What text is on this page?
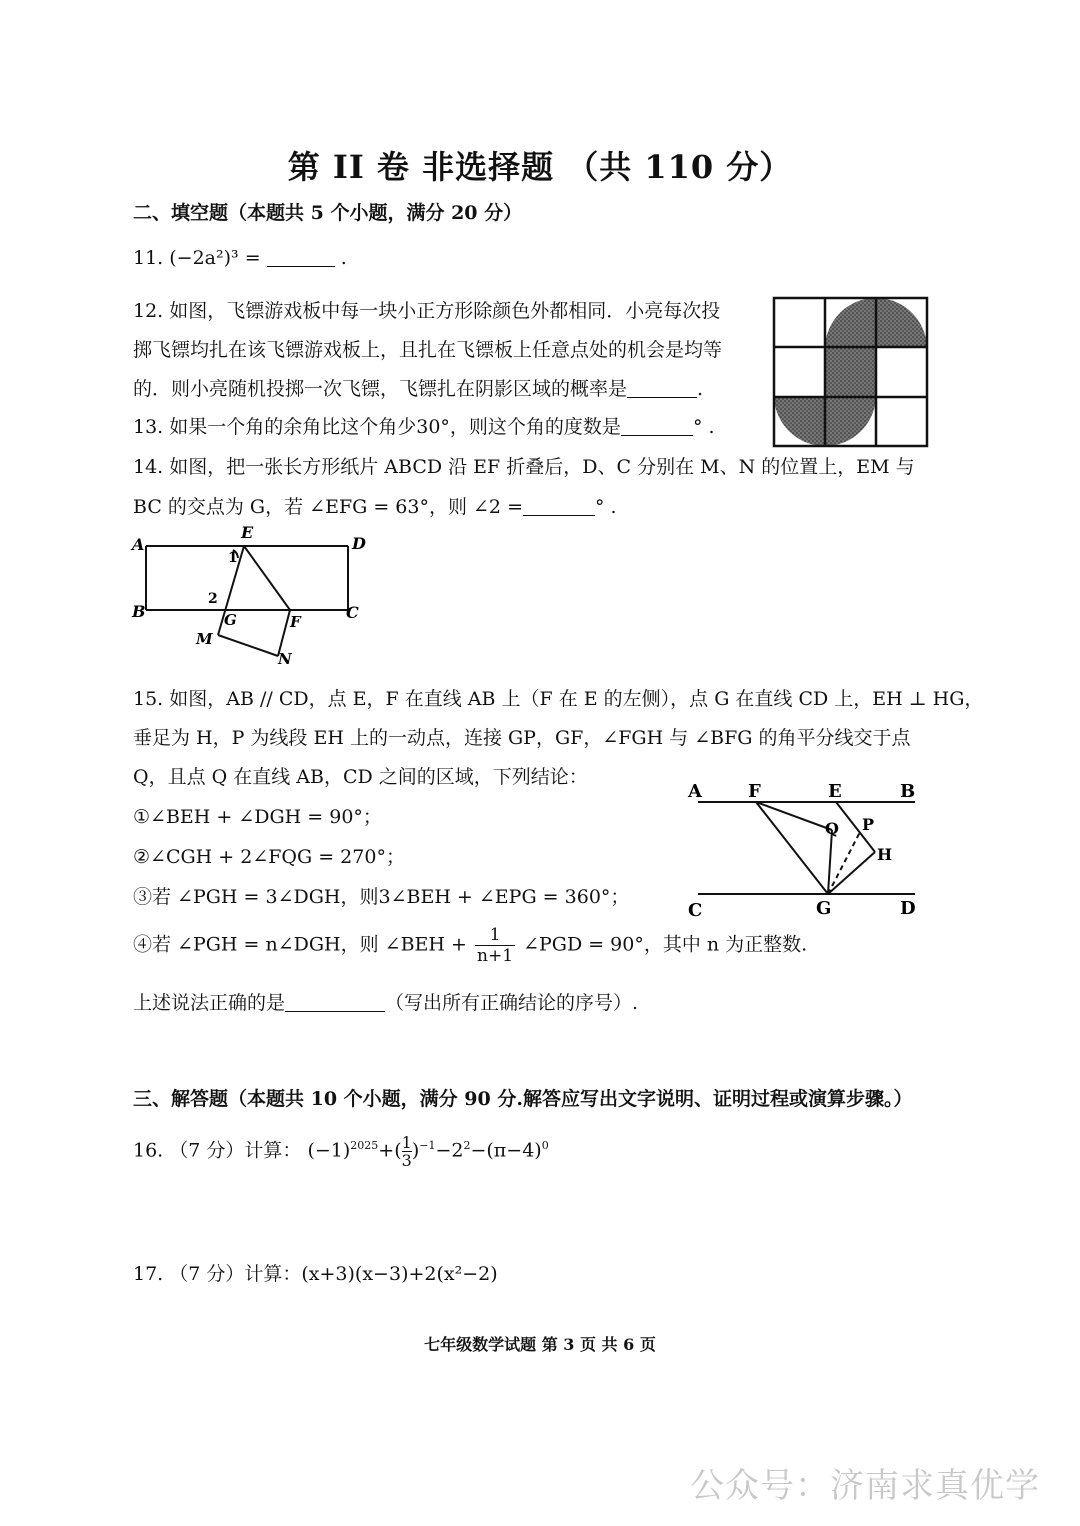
第 II 卷 非选择题 （共 110 分）
二、填空题（本题共 5 个小题，满分 20 分）
11. (−2a²)³ =	.
12. 如图，飞镖游戏板中每一块小正方形除颜色外都相同．小亮每次投
掷飞镖均扎在该飞镖游戏板上，且扎在飞镖板上任意点处的机会是均等
的．则小亮随机投掷一次飞镖，飞镖扎在阴影区域的概率是	.
13. 如果一个角的余角比这个角少30°，则这个角的度数是	° .
14. 如图，把一张长方形纸片 ABCD 沿 EF 折叠后，D、C 分别在 M、N 的位置上，EM 与
BC 的交点为 G，若 ∠EFG = 63°，则 ∠2 =	° .
A	D
B	C
E
F
G
M
N
1
2
15. 如图，AB // CD，点 E，F 在直线 AB 上（F 在 E 的左侧），点 G 在直线 CD 上，EH ⊥ HG，
垂足为 H，P 为线段 EH 上的一动点，连接 GP，GF，∠FGH 与 ∠BFG 的角平分线交于点
Q，且点 Q 在直线 AB，CD 之间的区域，下列结论：
①∠BEH + ∠DGH = 90°；
②∠CGH + 2∠FQG = 270°；
③若 ∠PGH = 3∠DGH，则3∠BEH + ∠EPG = 360°；
④若 ∠PGH = n∠DGH，则 ∠BEH + $\frac{1}{n+1}$ ∠PGD = 90°，其中 n 为正整数.
上述说法正确的是	（写出所有正确结论的序号）.
A	F	E	B
Q P
H
C	G	D
三、解答题（本题共 10 个小题，满分 90 分.解答应写出文字说明、证明过程或演算步骤。）
16. （7 分）计算： $(-1)^{2025}+( \frac{1}{3} )^{-1}-2^2-(\pi-4)^0$
17. （7 分）计算：(x+3)(x−3)+2(x²−2)
七年级数学试题 第 3 页 共 6 页
公众号：济南求真优学
